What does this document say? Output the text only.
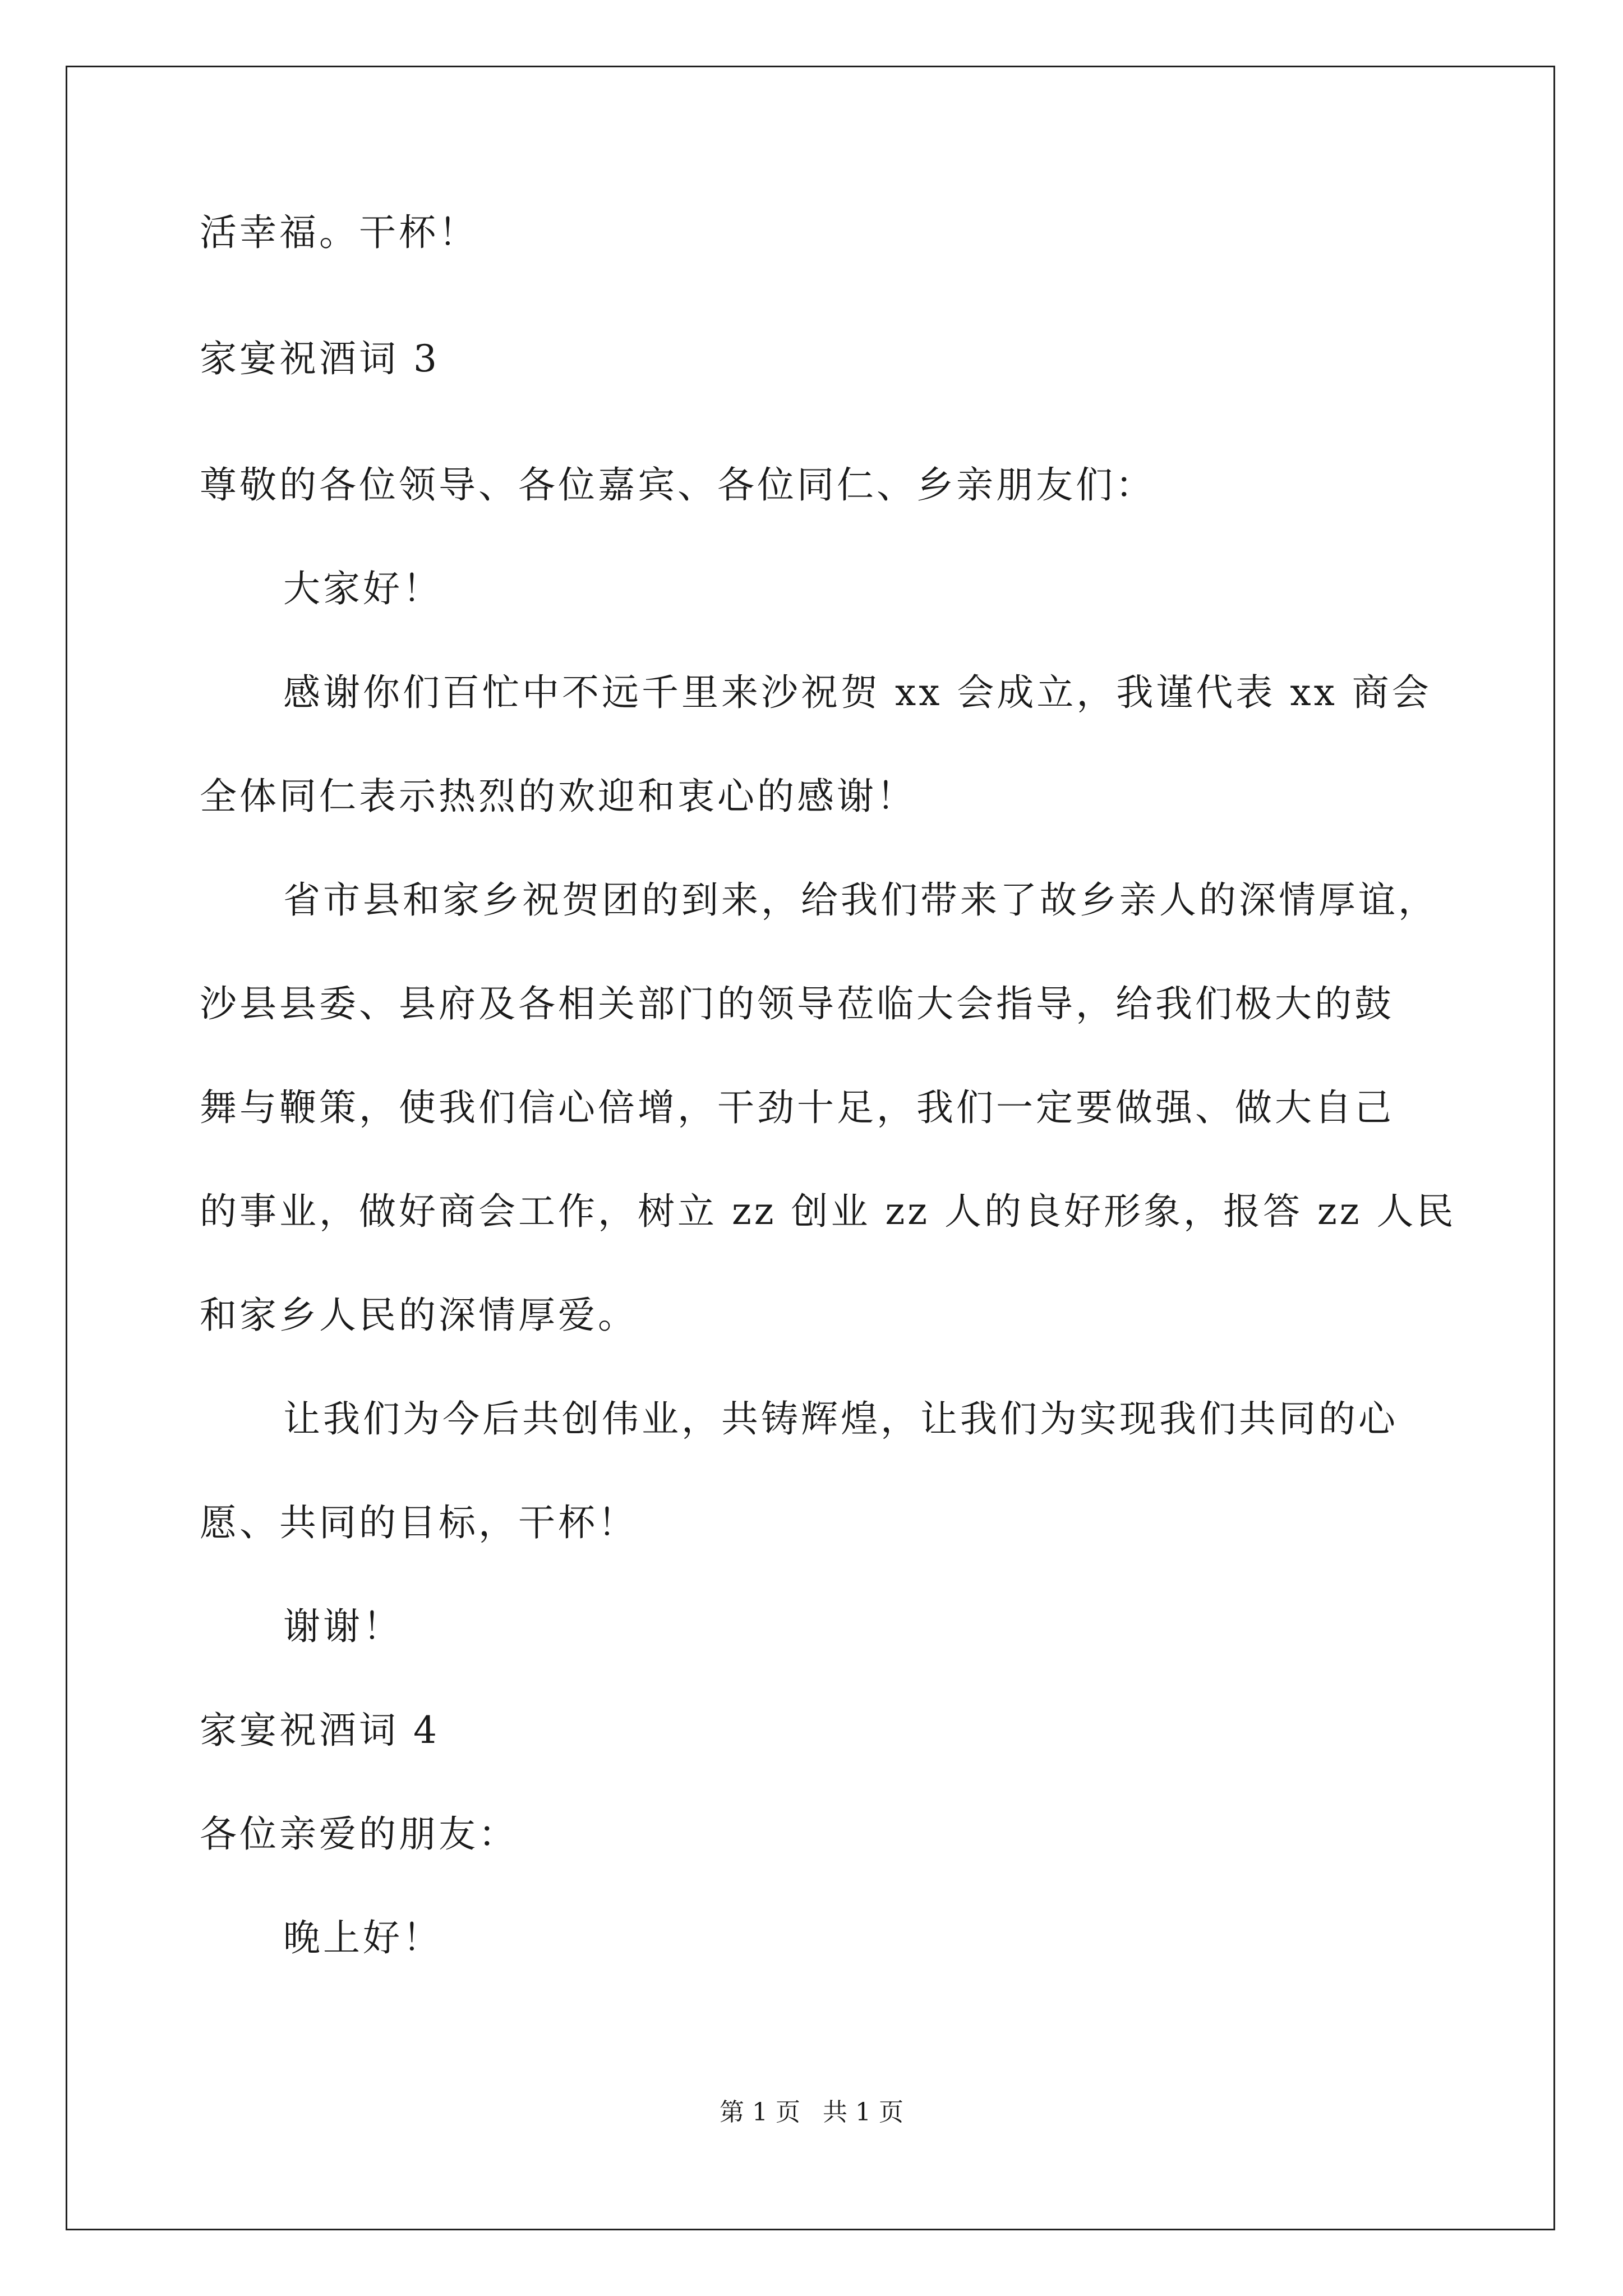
活幸福。干杯！
家宴祝酒词 3
尊敬的各位领导、各位嘉宾、各位同仁、乡亲朋友们：
大家好！
感谢你们百忙中不远千里来沙祝贺 xx 会成立，我谨代表 xx 商会
全体同仁表示热烈的欢迎和衷心的感谢！
省市县和家乡祝贺团的到来，给我们带来了故乡亲人的深情厚谊，
沙县县委、县府及各相关部门的领导莅临大会指导，给我们极大的鼓
舞与鞭策，使我们信心倍增，干劲十足，我们一定要做强、做大自己
的事业，做好商会工作，树立 zz 创业 zz 人的良好形象，报答 zz 人民
和家乡人民的深情厚爱。
让我们为今后共创伟业，共铸辉煌，让我们为实现我们共同的心
愿、共同的目标，干杯！
谢谢！
家宴祝酒词 4
各位亲爱的朋友：
晚上好！
第 1 页 共 1 页
